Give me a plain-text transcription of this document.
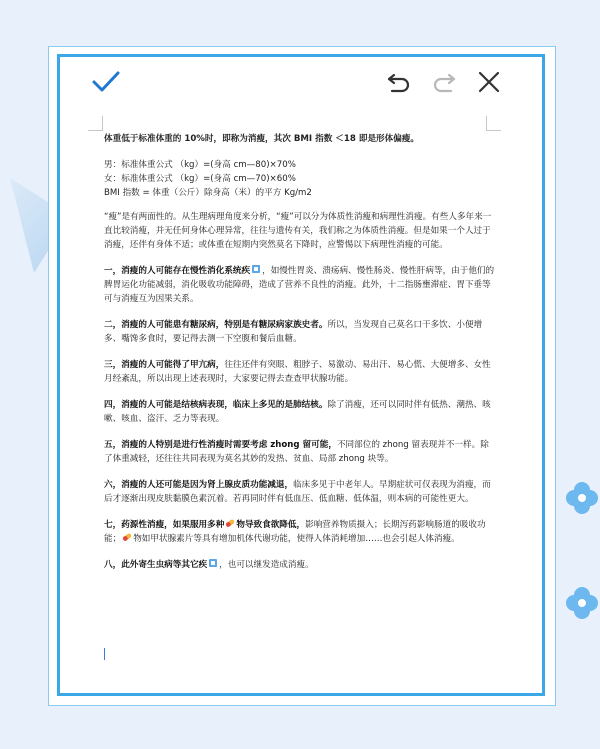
体重低于标准体重的 10%时，即称为消瘦，其次 BMI 指数 ＜18 即是形体偏瘦。

男：标准体重公式 （kg）=(身高 cm—80)×70%

女：标准体重公式 （kg）=(身高 cm—70)×60%

BMI 指数 = 体重（公斤）除身高（米）的平方 Kg/m2

“瘦”是有两面性的。从生理病理角度来分析，“瘦”可以分为体质性消瘦和病理性消瘦。有些人多年来一直比较消瘦，并无任何身体心理异常，往往与遗传有关，我们称之为体质性消瘦。但是如果一个人过于消瘦，还伴有身体不适；或体重在短期内突然莫名下降时，应警惕以下病理性消瘦的可能。

一，消瘦的人可能存在慢性消化系统疾 ，如慢性胃炎、溃疡病、慢性肠炎、慢性肝病等，由于他们的脾胃运化功能减弱，消化吸收功能障碍，造成了营养不良性的消瘦。此外，十二指肠壅滞症、胃下垂等可与消瘦互为因果关系。

二，消瘦的人可能患有糖尿病，特别是有糖尿病家族史者。所以，当发现自己莫名口干多饮、小便增多、嘴馋多食时，要记得去测一下空腹和餐后血糖。

三，消瘦的人可能得了甲亢病，往往还伴有突眼、粗脖子、易激动、易出汗、易心慌、大便增多、女性月经紊乱，所以出现上述表现时，大家要记得去查查甲状腺功能。

四，消瘦的人可能是结核病表现，临床上多见的是肺结核。除了消瘦，还可以同时伴有低热、潮热、咳嗽、咳血、盗汗、乏力等表现。

五，消瘦的人特别是进行性消瘦时需要考虑 zhong 留可能，不同部位的 zhong 留表现并不一样。除了体重减轻，还往往共同表现为莫名其妙的发热、贫血、局部 zhong 块等。

六，消瘦的人还可能是因为肾上腺皮质功能减退，临床多见于中老年人。早期症状可仅表现为消瘦，而后才逐渐出现皮肤黏膜色素沉着。若再同时伴有低血压、低血糖、低体温，则本病的可能性更大。

七，药源性消瘦，如果服用多种 物导致食欲降低，影响营养物质摄入；长期泻药影响肠道的吸收功能； 物如甲状腺素片等具有增加机体代谢功能，使得人体消耗增加……也会引起人体消瘦。

八，此外寄生虫病等其它疾 ，也可以继发造成消瘦。
